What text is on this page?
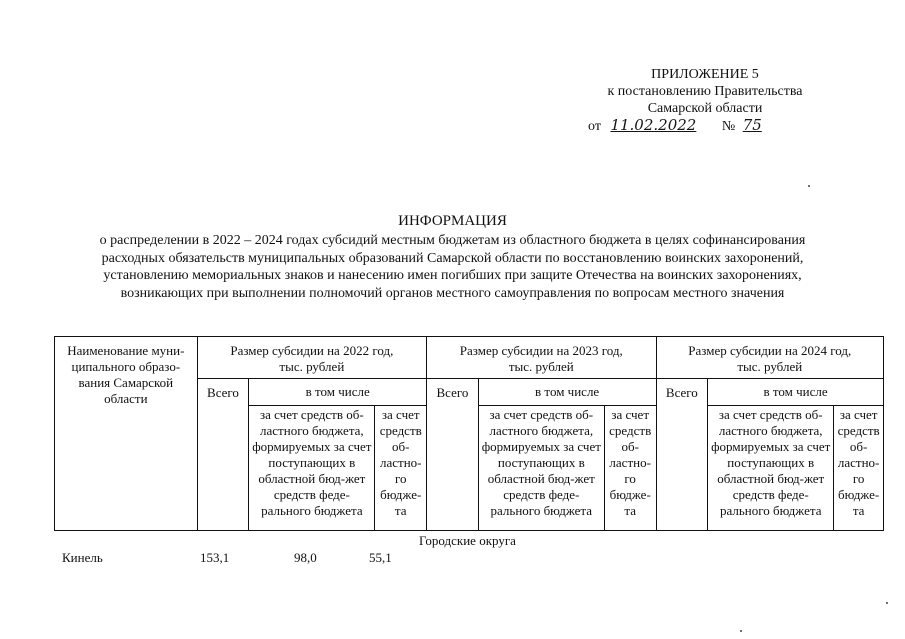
ПРИЛОЖЕНИЕ 5
к постановлению Правительства
Самарской области
от 11.02.2022 № 75
ИНФОРМАЦИЯ
о распределении в 2022 – 2024 годах субсидий местным бюджетам из областного бюджета в целях софинансирования
расходных обязательств муниципальных образований Самарской области по восстановлению воинских захоронений,
установлению мемориальных знаков и нанесению имен погибших при защите Отечества на воинских захоронениях,
возникающих при выполнении полномочий органов местного самоуправления по вопросам местного значения
Наименование муни-ципального образо-вания Самарской области	Размер субсидии на 2022 год, тыс. рублей			Размер субсидии на 2023 год, тыс. рублей			Размер субсидии на 2024 год, тыс. рублей		
	Всего	в том числе		Всего	в том числе		Всего	в том числе	
		за счет средств об-ластного бюджета, формируемых за счет поступающих в областной бюд-жет средств феде-рального бюджета	за счет средств об-ластно-го бюдже-та		за счет средств об-ластного бюджета, формируемых за счет поступающих в областной бюд-жет средств феде-рального бюджета	за счет средств об-ластно-го бюдже-та		за счет средств об-ластного бюджета, формируемых за счет поступающих в областной бюд-жет средств феде-рального бюджета	за счет средств об-ластно-го бюдже-та
Городские округа
Кинель	153,1	98,0	55,1
